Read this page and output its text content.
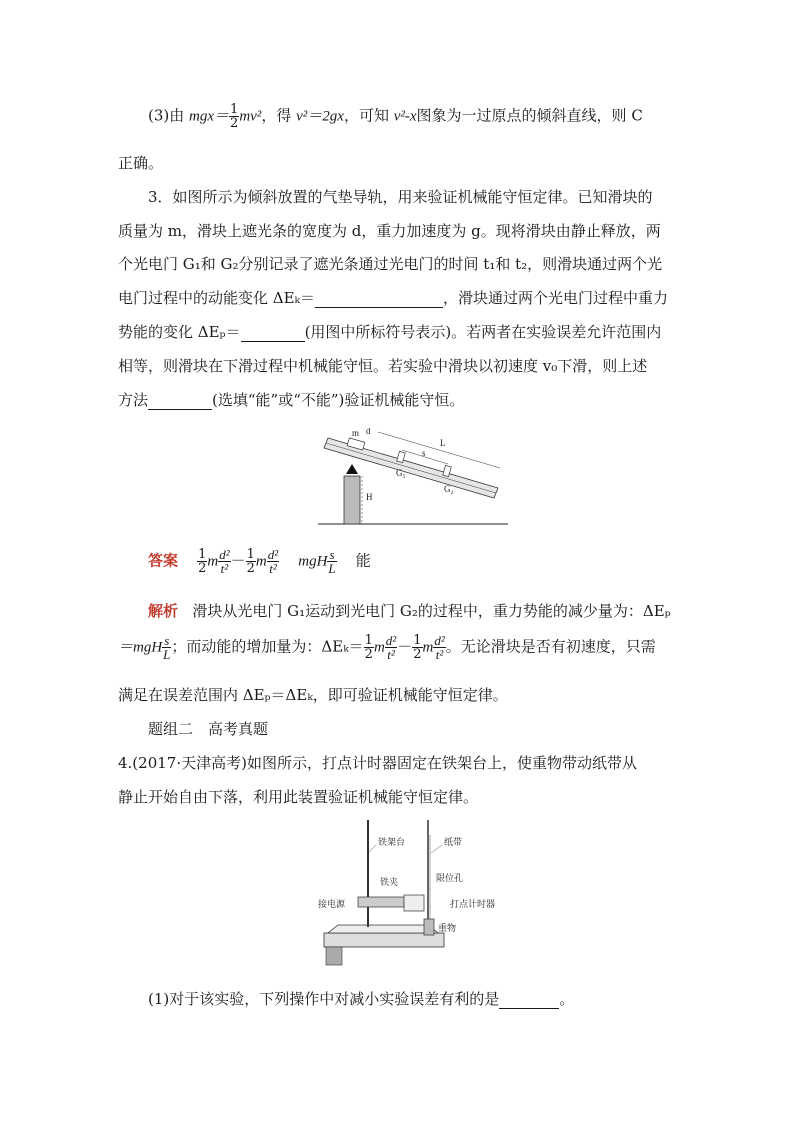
(3)由 $mgx= \frac{1}{2} mv^2$，得 v²＝2gx，可知 v²-x图象为一过原点的倾斜直线，则 C
正确。
3．如图所示为倾斜放置的气垫导轨，用来验证机械能守恒定律。已知滑块的
质量为 m，滑块上遮光条的宽度为 d，重力加速度为 g。现将滑块由静止释放，两
个光电门 G₁和 G₂分别记录了遮光条通过光电门的时间 t₁和 t₂，则滑块通过两个光
电门过程中的动能变化 ΔEₖ＝	，滑块通过两个光电门过程中重力
势能的变化 ΔEₚ＝	(用图中所标符号表示)。若两者在实验误差允许范围内
相等，则滑块在下滑过程中机械能守恒。若实验中滑块以初速度 v₀下滑，则上述
方法	(选填“能”或“不能”)验证机械能守恒。
m d
L
s
G₁
G₂
H
答案 $\frac{1}{2}$ m $\frac{\text{d²}}{\text{t²}} - \frac{1}{2}$ m $\frac{\text{d²}}{\text{t²}}$ mgH $\frac{s}{L}$ 能
解析 滑块从光电门 G₁运动到光电门 G₂的过程中，重力势能的减少量为：ΔEₚ
$=mgH \frac{s}{L}$ ；而动能的增加量为：$\Delta E_k= \frac{1}{2}$ m $\frac{\text{d²}}{\text{t²}} - \frac{1}{2}$ m $\frac{\text{d²}}{\text{t²}}$ 。无论滑块是否有初速度，只需
满足在误差范围内 ΔEₚ＝ΔEₖ，即可验证机械能守恒定律。
题组二　高考真题
4.(2017·天津高考)如图所示，打点计时器固定在铁架台上，使重物带动纸带从
静止开始自由下落，利用此装置验证机械能守恒定律。
铁架台	纸带
铁夹	限位孔
接电源	打点计时器
重物
(1)对于该实验，下列操作中对减小实验误差有利的是	。
